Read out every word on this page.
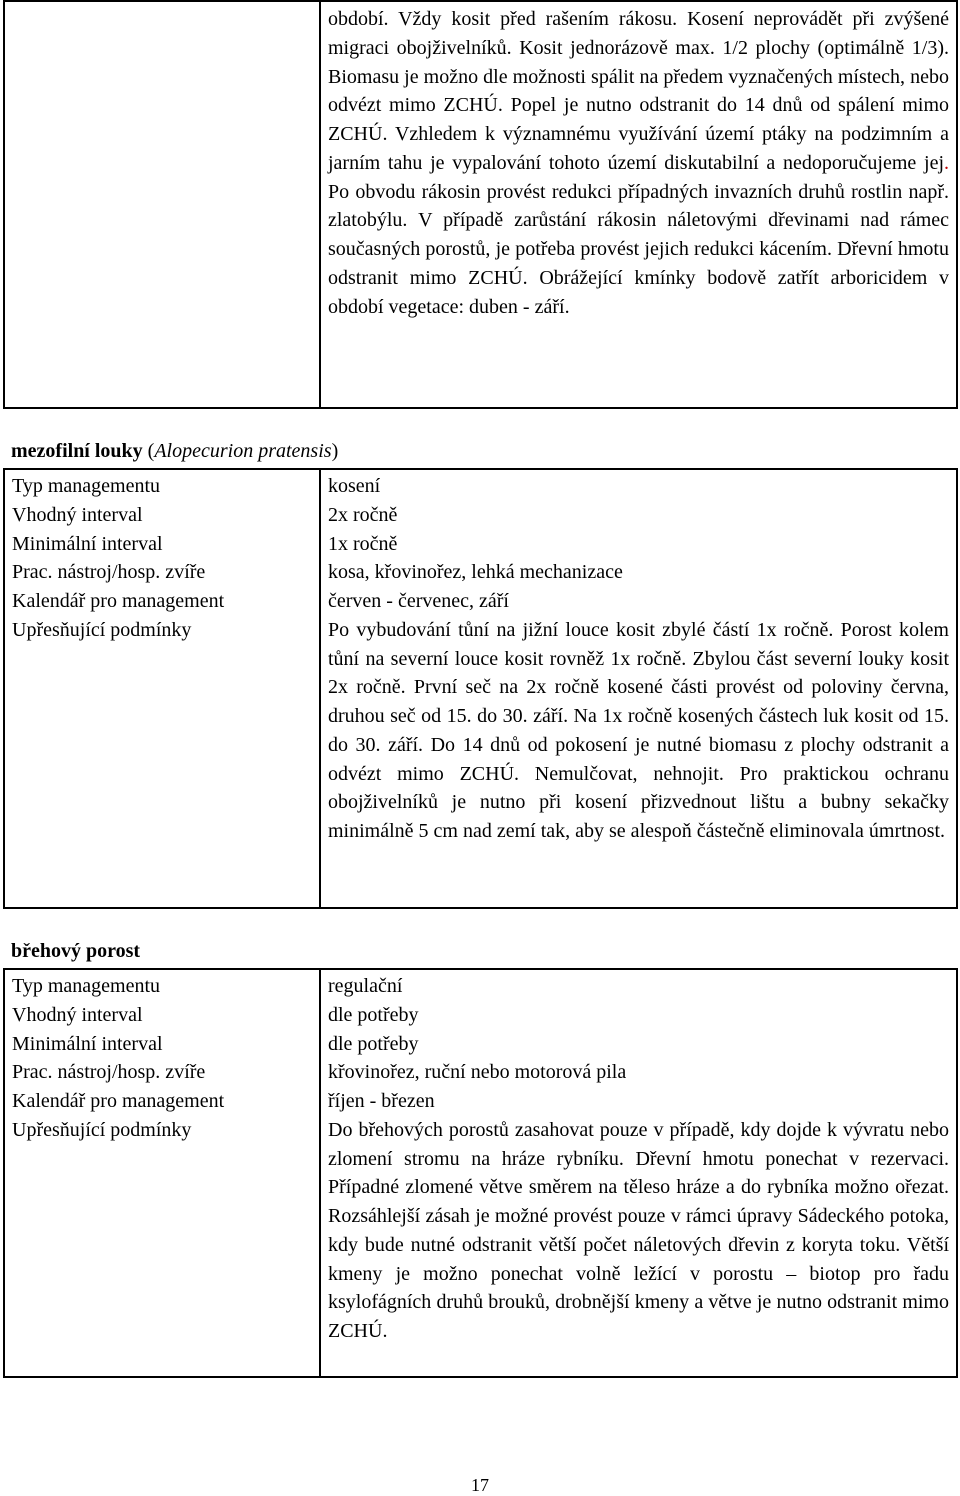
období. Vždy kosit před rašením rákosu. Kosení neprovádět při zvýšené migraci obojživelníků. Kosit jednorázově max. 1/2 plochy (optimálně 1/3). Biomasu je možno dle možnosti spálit na předem vyznačených místech, nebo odvézt mimo ZCHÚ. Popel je nutno odstranit do 14 dnů od spálení mimo ZCHÚ. Vzhledem k významnému využívání území ptáky na podzimním a jarním tahu je vypalování tohoto území diskutabilní a nedoporučujeme jej. Po obvodu rákosin provést redukci případných invazních druhů rostlin např. zlatobýlu. V případě zarůstání rákosin náletovými dřevinami nad rámec současných porostů, je potřeba provést jejich redukci kácením. Dřevní hmotu odstranit mimo ZCHÚ. Obrážející kmínky bodově zatřít arboricidem v období vegetace: duben - září.

mezofilní louky (Alopecurion pratensis)

Typ managementu	kosení
Vhodný interval	2x ročně
Minimální interval	1x ročně
Prac. nástroj/hosp. zvíře	kosa, křovinořez, lehká mechanizace
Kalendář pro management	červen - červenec, září
Upřesňující podmínky	Po vybudování tůní na jižní louce kosit zbylé částí 1x ročně. Porost kolem tůní na severní louce kosit rovněž 1x ročně. Zbylou část severní louky kosit 2x ročně. První seč na 2x ročně kosené části provést od poloviny června, druhou seč od 15. do 30. září. Na 1x ročně kosených částech luk kosit od 15. do 30. září. Do 14 dnů od pokosení je nutné biomasu z plochy odstranit a odvézt mimo ZCHÚ. Nemulčovat, nehnojit. Pro praktickou ochranu obojživelníků je nutno při kosení přizvednout lištu a bubny sekačky minimálně 5 cm nad zemí tak, aby se alespoň částečně eliminovala úmrtnost.

břehový porost

Typ managementu	regulační
Vhodný interval	dle potřeby
Minimální interval	dle potřeby
Prac. nástroj/hosp. zvíře	křovinořez, ruční nebo motorová pila
Kalendář pro management	říjen - březen
Upřesňující podmínky	Do břehových porostů zasahovat pouze v případě, kdy dojde k vývratu nebo zlomení stromu na hráze rybníku. Dřevní hmotu ponechat v rezervaci. Případné zlomené větve směrem na těleso hráze a do rybníka možno ořezat. Rozsáhlejší zásah je možné provést pouze v rámci úpravy Sádeckého potoka, kdy bude nutné odstranit větší počet náletových dřevin z koryta toku. Větší kmeny je možno ponechat volně ležící v porostu – biotop pro řadu ksylofágních druhů brouků, drobnější kmeny a větve je nutno odstranit mimo ZCHÚ.
17
